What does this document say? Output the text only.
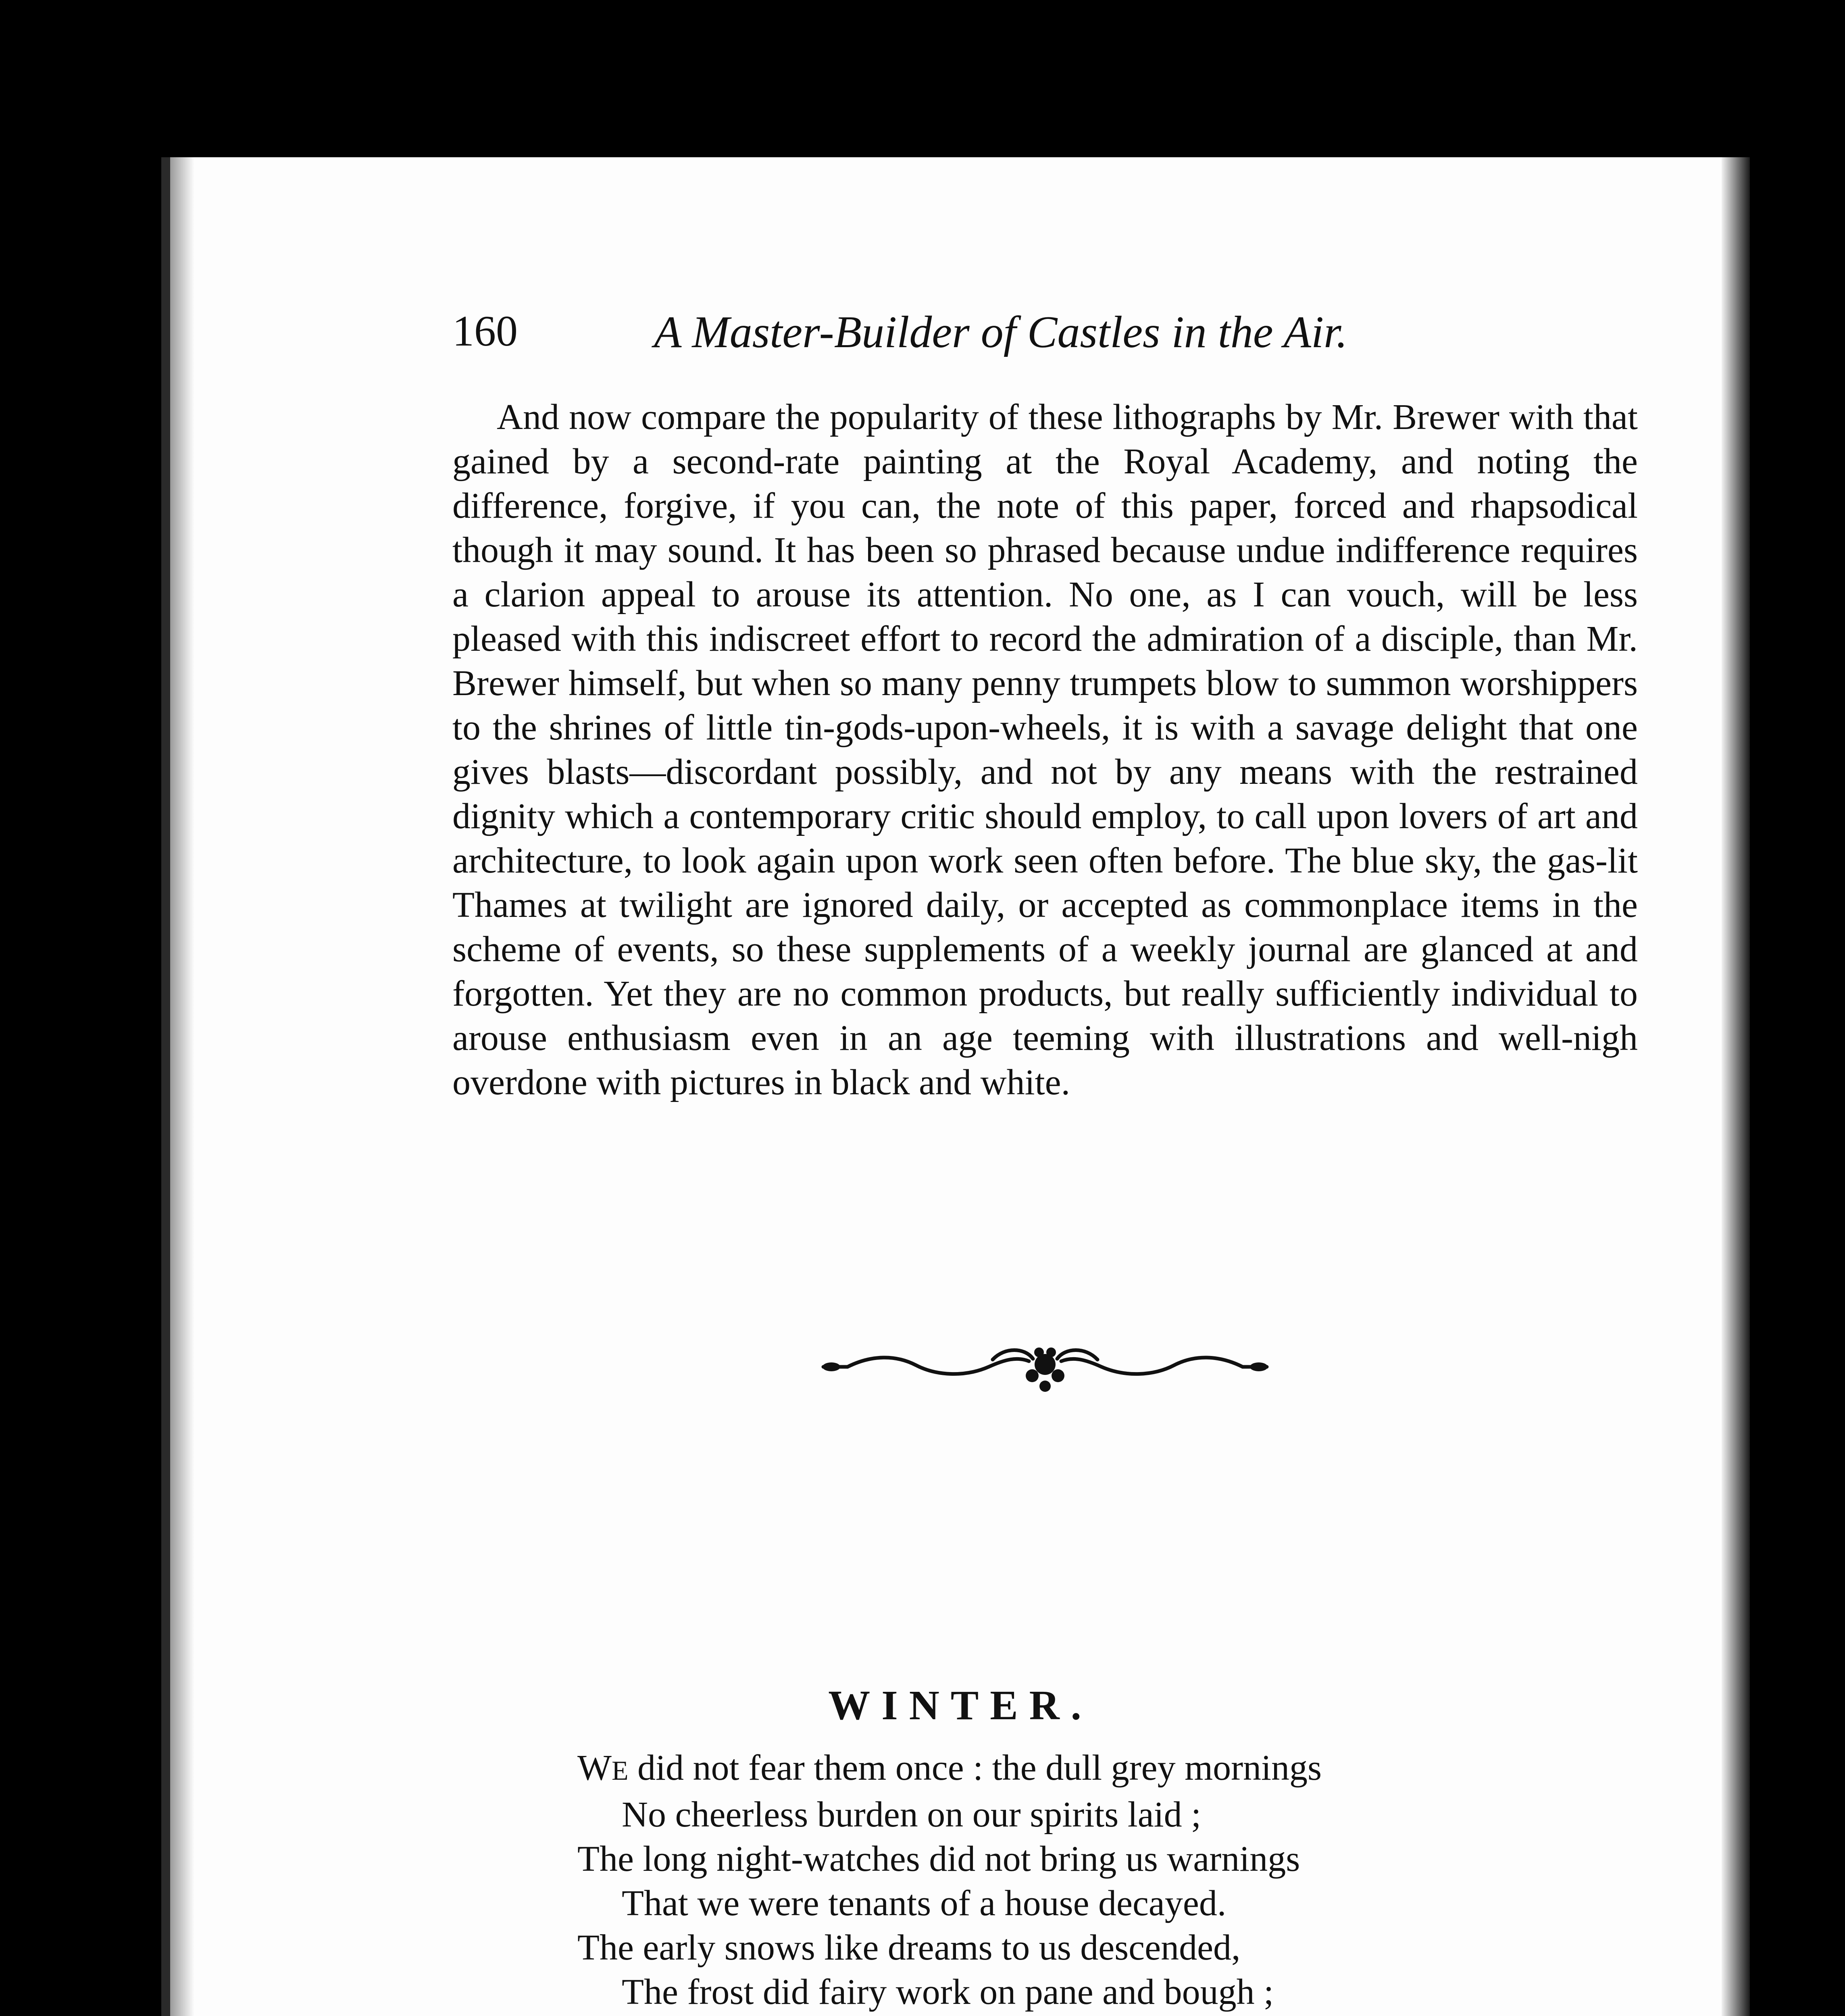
160	A Master-Builder of Castles in the Air.

And now compare the popularity of these lithographs by Mr. Brewer with that gained by a second-rate painting at the Royal Academy, and noting the difference, forgive, if you can, the note of this paper, forced and rhapsodical though it may sound. It has been so phrased because undue indifference requires a clarion appeal to arouse its attention. No one, as I can vouch, will be less pleased with this indiscreet effort to record the admiration of a disciple, than Mr. Brewer himself, but when so many penny trumpets blow to summon worshippers to the shrines of little tin-gods-upon-wheels, it is with a savage delight that one gives blasts—discordant possibly, and not by any means with the restrained dignity which a contemporary critic should employ, to call upon lovers of art and architecture, to look again upon work seen often before. The blue sky, the gas-lit Thames at twilight are ignored daily, or accepted as commonplace items in the scheme of events, so these supplements of a weekly journal are glanced at and forgotten. Yet they are no common products, but really sufficiently individual to arouse enthusiasm even in an age teeming with illustrations and well-nigh overdone with pictures in black and white.

WINTER.
WE did not fear them once : the dull grey mornings
No cheerless burden on our spirits laid ;
The long night-watches did not bring us warnings
That we were tenants of a house decayed.
The early snows like dreams to us descended,
The frost did fairy work on pane and bough ;
